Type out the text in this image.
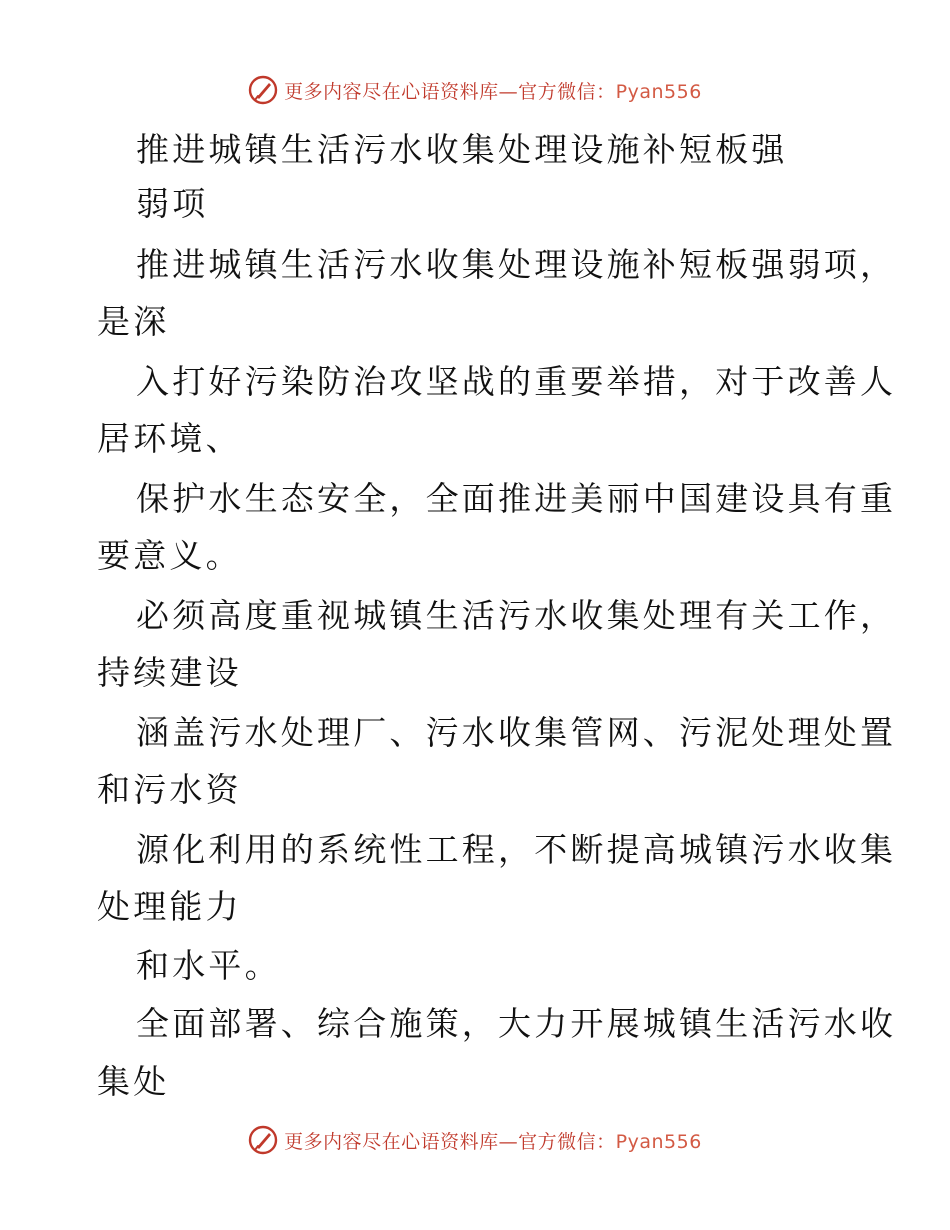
更多内容尽在心语资料库—官方微信：Pyan556
推进城镇生活污水收集处理设施补短板强
弱项
推进城镇生活污水收集处理设施补短板强弱项，
是深
入打好污染防治攻坚战的重要举措，对于改善人
居环境、
保护水生态安全，全面推进美丽中国建设具有重
要意义。
必须高度重视城镇生活污水收集处理有关工作，
持续建设
涵盖污水处理厂、污水收集管网、污泥处理处置
和污水资
源化利用的系统性工程，不断提高城镇污水收集
处理能力
和水平。
全面部署、综合施策，大力开展城镇生活污水收
集处
更多内容尽在心语资料库—官方微信：Pyan556
